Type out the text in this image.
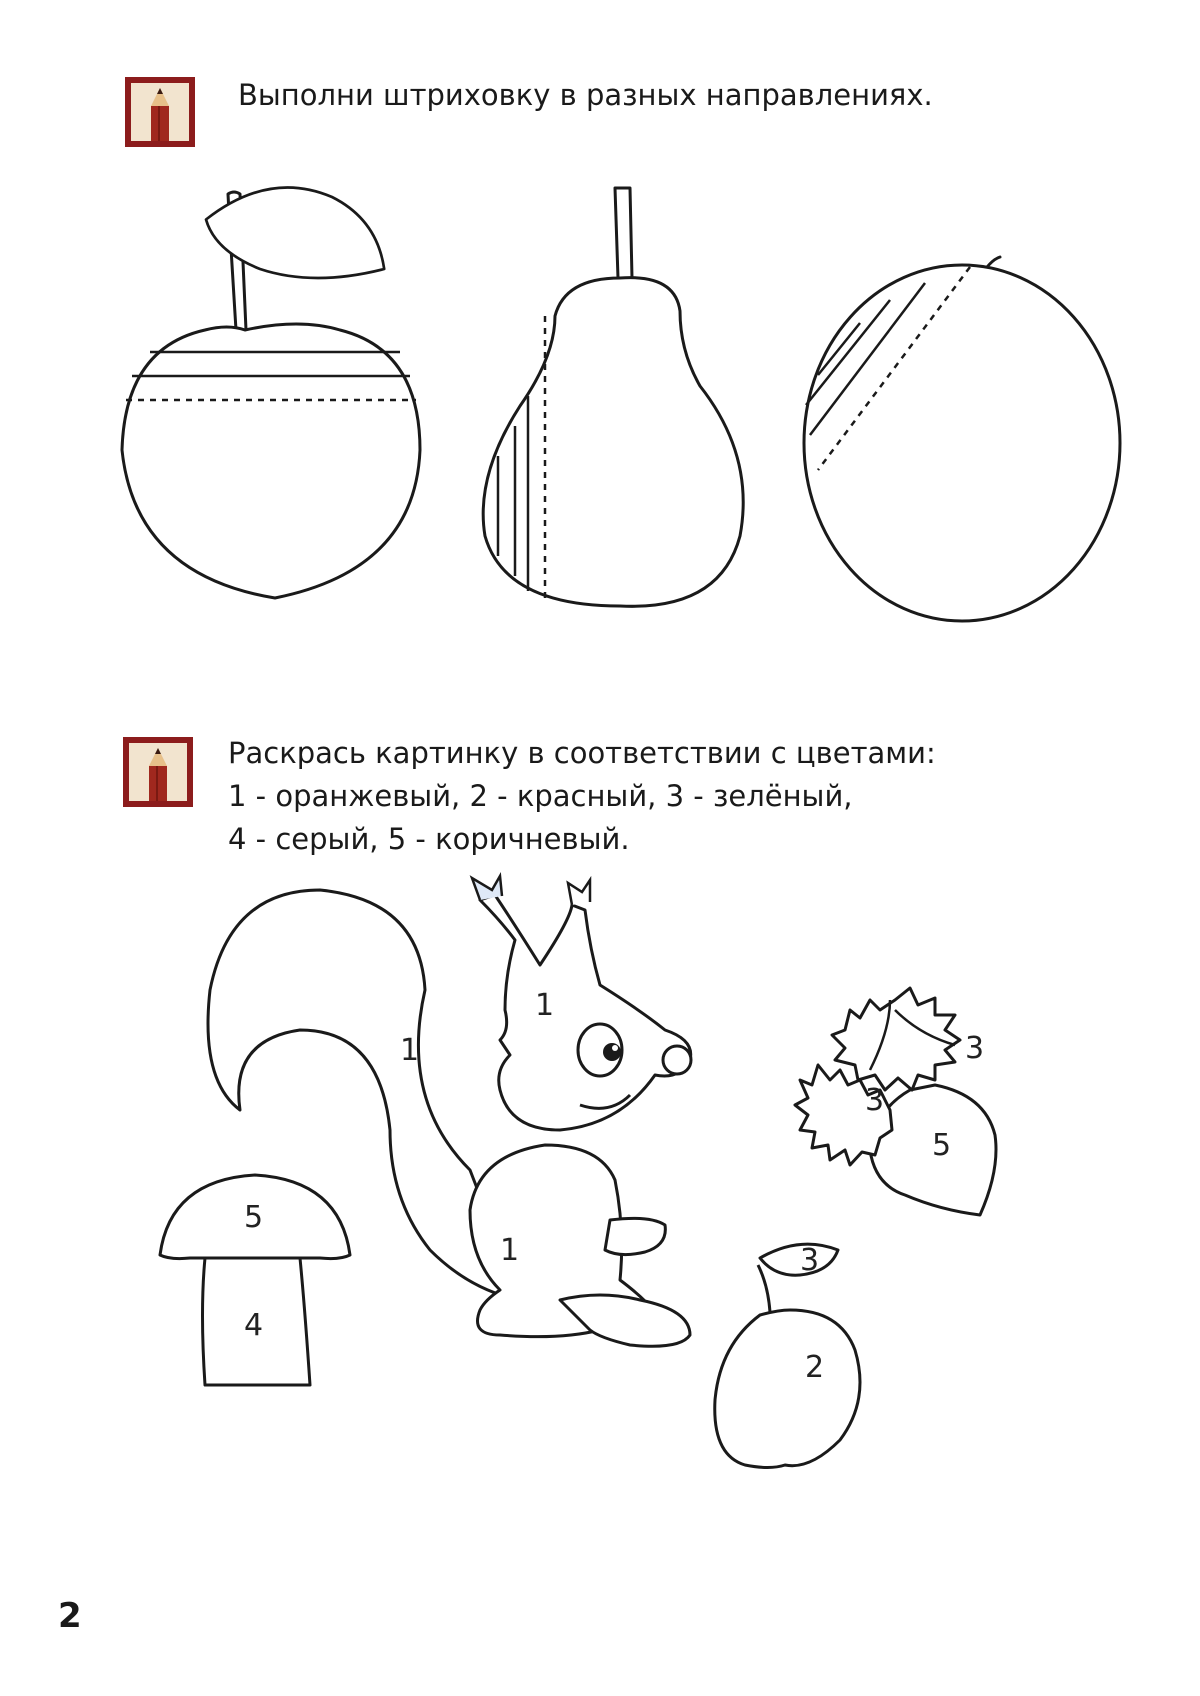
Выполни штриховку в разных направлениях.
Раскрась картинку в соответствии с цветами:
1 - оранжевый, 2 - красный, 3 - зелёный,
4 - серый, 5 - коричневый.
1
1
1
5
4
3
2
3
3
5
2
